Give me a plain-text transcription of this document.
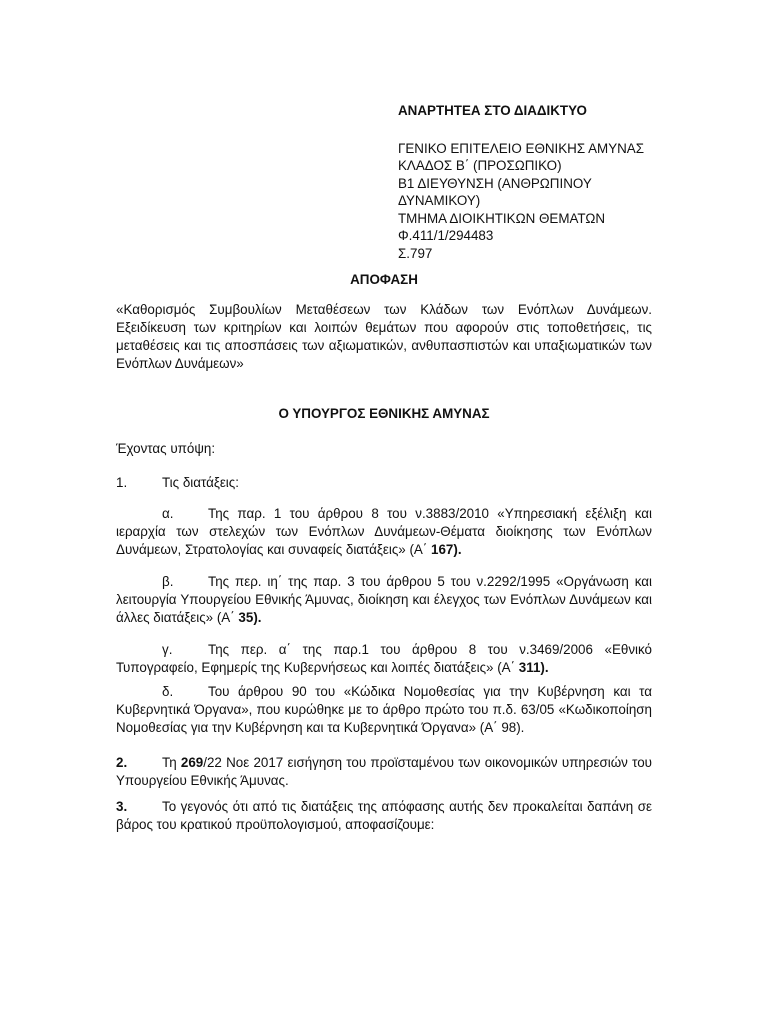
ΑΝΑΡΤΗΤΕΑ ΣΤΟ ΔΙΑΔΙΚΤΥΟ
ΓΕΝΙΚΟ ΕΠΙΤΕΛΕΙΟ ΕΘΝΙΚΗΣ ΑΜΥΝΑΣ
ΚΛΑΔΟΣ Β΄ (ΠΡΟΣΩΠΙΚΟ)
Β1 ΔΙΕΥΘΥΝΣΗ (ΑΝΘΡΩΠΙΝΟΥ
ΔΥΝΑΜΙΚΟΥ)
ΤΜΗΜΑ ΔΙΟΙΚΗΤΙΚΩΝ ΘΕΜΑΤΩΝ
Φ.411/1/294483
Σ.797
ΑΠΟΦΑΣΗ
«Καθορισμός Συμβουλίων Μεταθέσεων των Κλάδων των Ενόπλων Δυνάμεων. Εξειδίκευση των κριτηρίων και λοιπών θεμάτων που αφορούν στις τοποθετήσεις, τις μεταθέσεις και τις αποσπάσεις των αξιωματικών, ανθυπασπιστών και υπαξιωματικών των Ενόπλων Δυνάμεων»
Ο ΥΠΟΥΡΓΟΣ ΕΘΝΙΚΗΣ ΑΜΥΝΑΣ
Έχοντας υπόψη:
1.	Τις διατάξεις:
α.	Της παρ. 1 του άρθρου 8 του ν.3883/2010 «Υπηρεσιακή εξέλιξη και ιεραρχία των στελεχών των Ενόπλων Δυνάμεων-Θέματα διοίκησης των Ενόπλων Δυνάμεων, Στρατολογίας και συναφείς διατάξεις» (Α΄ 167).
β.	Της περ. ιη΄ της παρ. 3 του άρθρου 5 του ν.2292/1995 «Οργάνωση και λειτουργία Υπουργείου Εθνικής Άμυνας, διοίκηση και έλεγχος των Ενόπλων Δυνάμεων και άλλες διατάξεις» (Α΄ 35).
γ.	Της περ. α΄ της παρ.1 του άρθρου 8 του ν.3469/2006 «Εθνικό Τυπογραφείο, Εφημερίς της Κυβερνήσεως και λοιπές διατάξεις» (Α΄ 311).
δ.	Του άρθρου 90 του «Κώδικα Νομοθεσίας για την Κυβέρνηση και τα Κυβερνητικά Όργανα», που κυρώθηκε με το άρθρο πρώτο του π.δ. 63/05 «Κωδικοποίηση Νομοθεσίας για την Κυβέρνηση και τα Κυβερνητικά Όργανα» (Α΄ 98).
2.	Τη 269/22 Νοε 2017 εισήγηση του προϊσταμένου των οικονομικών υπηρεσιών του Υπουργείου Εθνικής Άμυνας.
3.	Το γεγονός ότι από τις διατάξεις της απόφασης αυτής δεν προκαλείται δαπάνη σε βάρος του κρατικού προϋπολογισμού, αποφασίζουμε:
